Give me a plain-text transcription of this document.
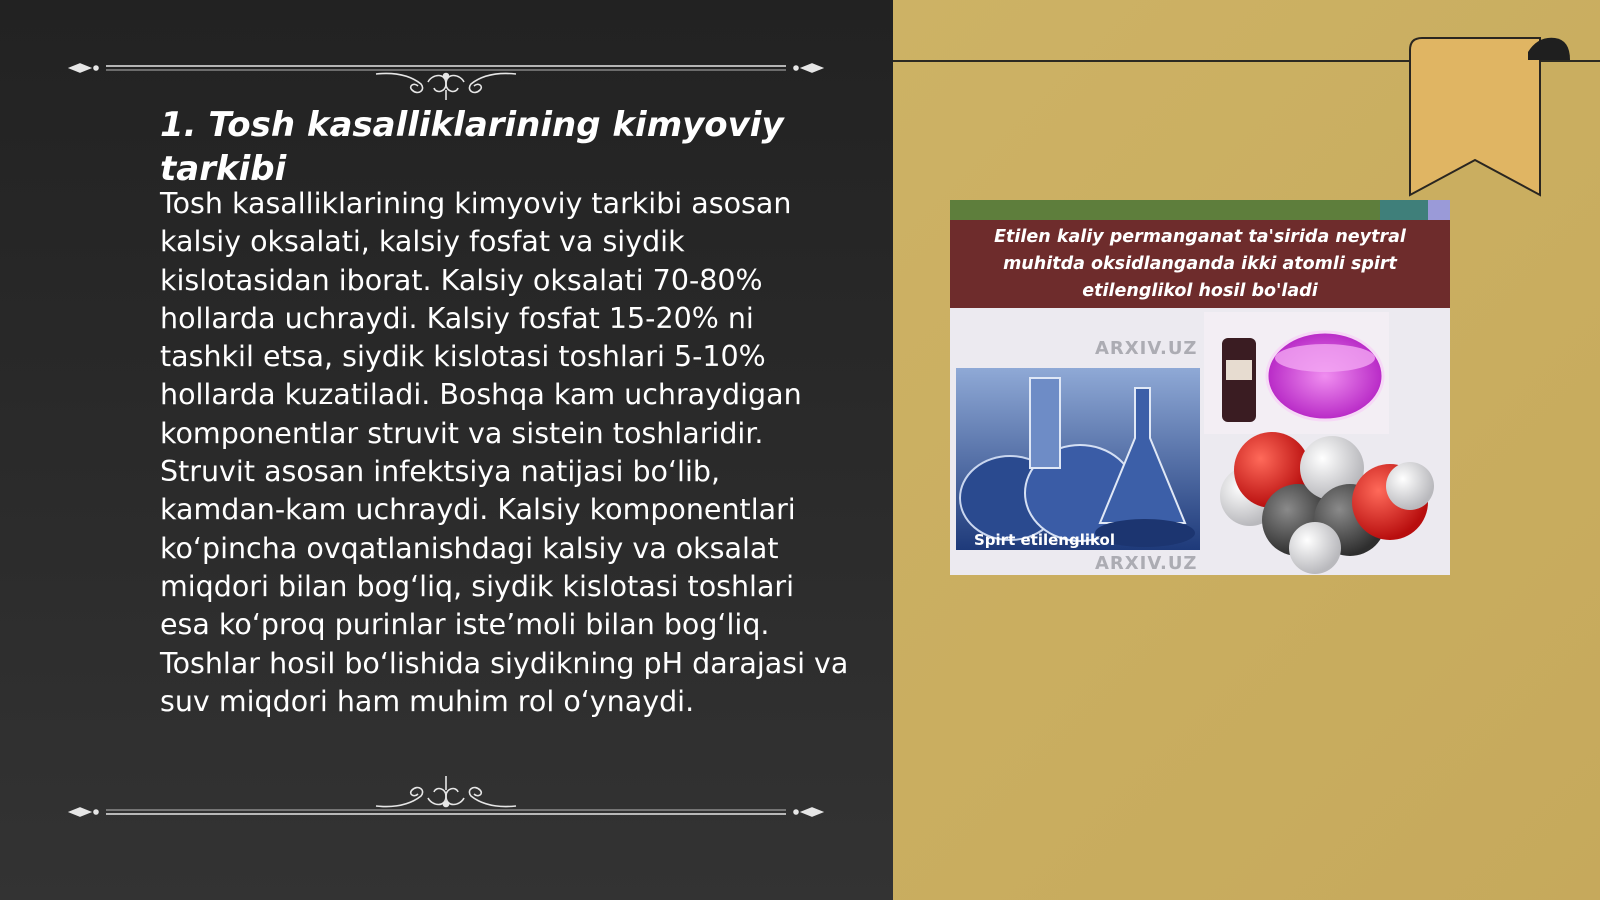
1. Tosh kasalliklarining kimyoviy tarkibi

Tosh kasalliklarining kimyoviy tarkibi asosan kalsiy oksalati, kalsiy fosfat va siydik kislotasidan iborat. Kalsiy oksalati 70-80% hollarda uchraydi. Kalsiy fosfat 15-20% ni tashkil etsa, siydik kislotasi toshlari 5-10% hollarda kuzatiladi. Boshqa kam uchraydigan komponentlar struvit va sistein toshlaridir. Struvit asosan infektsiya natijasi bo‘lib, kamdan-kam uchraydi. Kalsiy komponentlari ko‘pincha ovqatlanishdagi kalsiy va oksalat miqdori bilan bog‘liq, siydik kislotasi toshlari esa ko‘proq purinlar iste’moli bilan bog‘liq. Toshlar hosil bo‘lishida siydikning pH darajasi va suv miqdori ham muhim rol o‘ynaydi.

Etilen kaliy permanganat ta'sirida neytral muhitda oksidlanganda ikki atomli spirt etilenglikol hosil bo'ladi
ARXIV.UZ
ARXIV.UZ
Spirt etilenglikol
